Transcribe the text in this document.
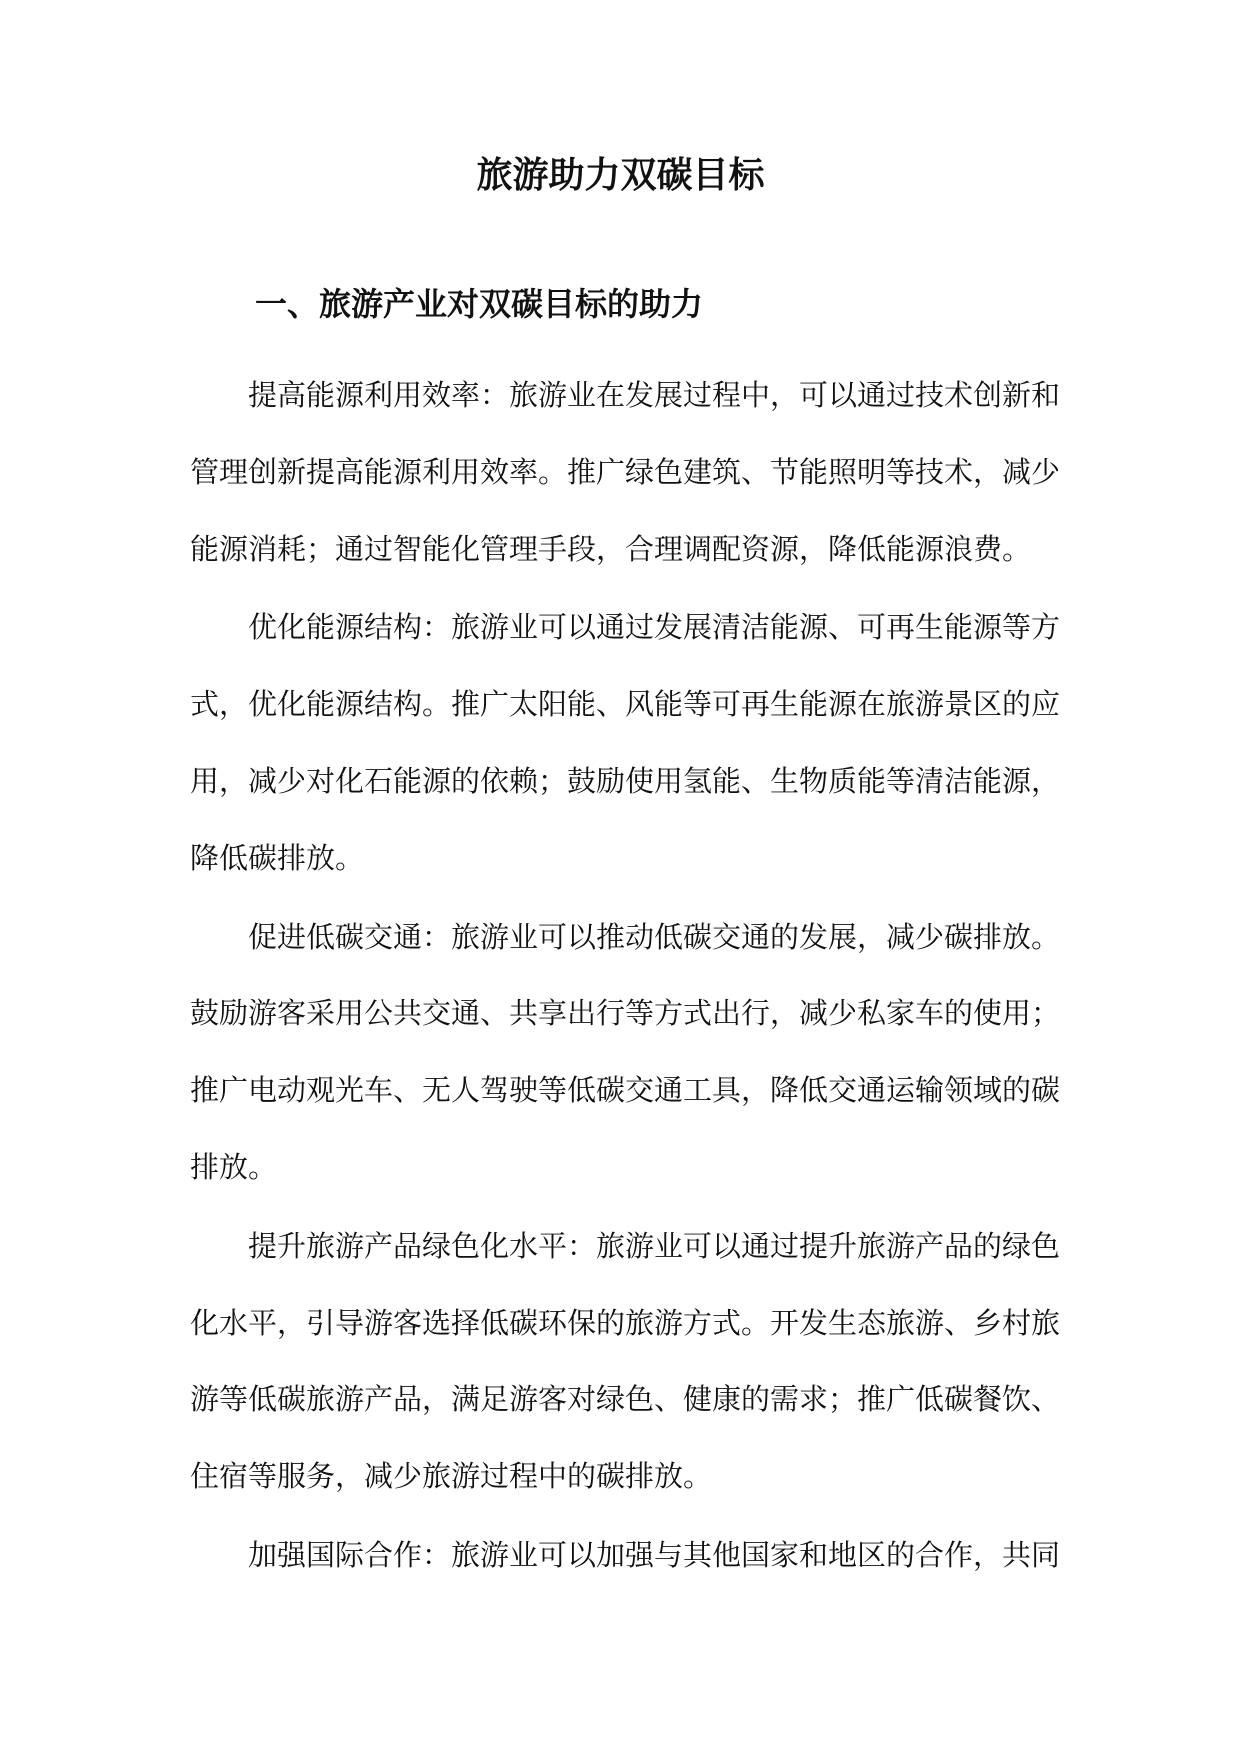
旅游助力双碳目标
一、旅游产业对双碳目标的助力
提高能源利用效率：旅游业在发展过程中，可以通过技术创新和
管理创新提高能源利用效率。推广绿色建筑、节能照明等技术，减少
能源消耗；通过智能化管理手段，合理调配资源，降低能源浪费。
优化能源结构：旅游业可以通过发展清洁能源、可再生能源等方
式，优化能源结构。推广太阳能、风能等可再生能源在旅游景区的应
用，减少对化石能源的依赖；鼓励使用氢能、生物质能等清洁能源，
降低碳排放。
促进低碳交通：旅游业可以推动低碳交通的发展，减少碳排放。
鼓励游客采用公共交通、共享出行等方式出行，减少私家车的使用；
推广电动观光车、无人驾驶等低碳交通工具，降低交通运输领域的碳
排放。
提升旅游产品绿色化水平：旅游业可以通过提升旅游产品的绿色
化水平，引导游客选择低碳环保的旅游方式。开发生态旅游、乡村旅
游等低碳旅游产品，满足游客对绿色、健康的需求；推广低碳餐饮、
住宿等服务，减少旅游过程中的碳排放。
加强国际合作：旅游业可以加强与其他国家和地区的合作，共同
